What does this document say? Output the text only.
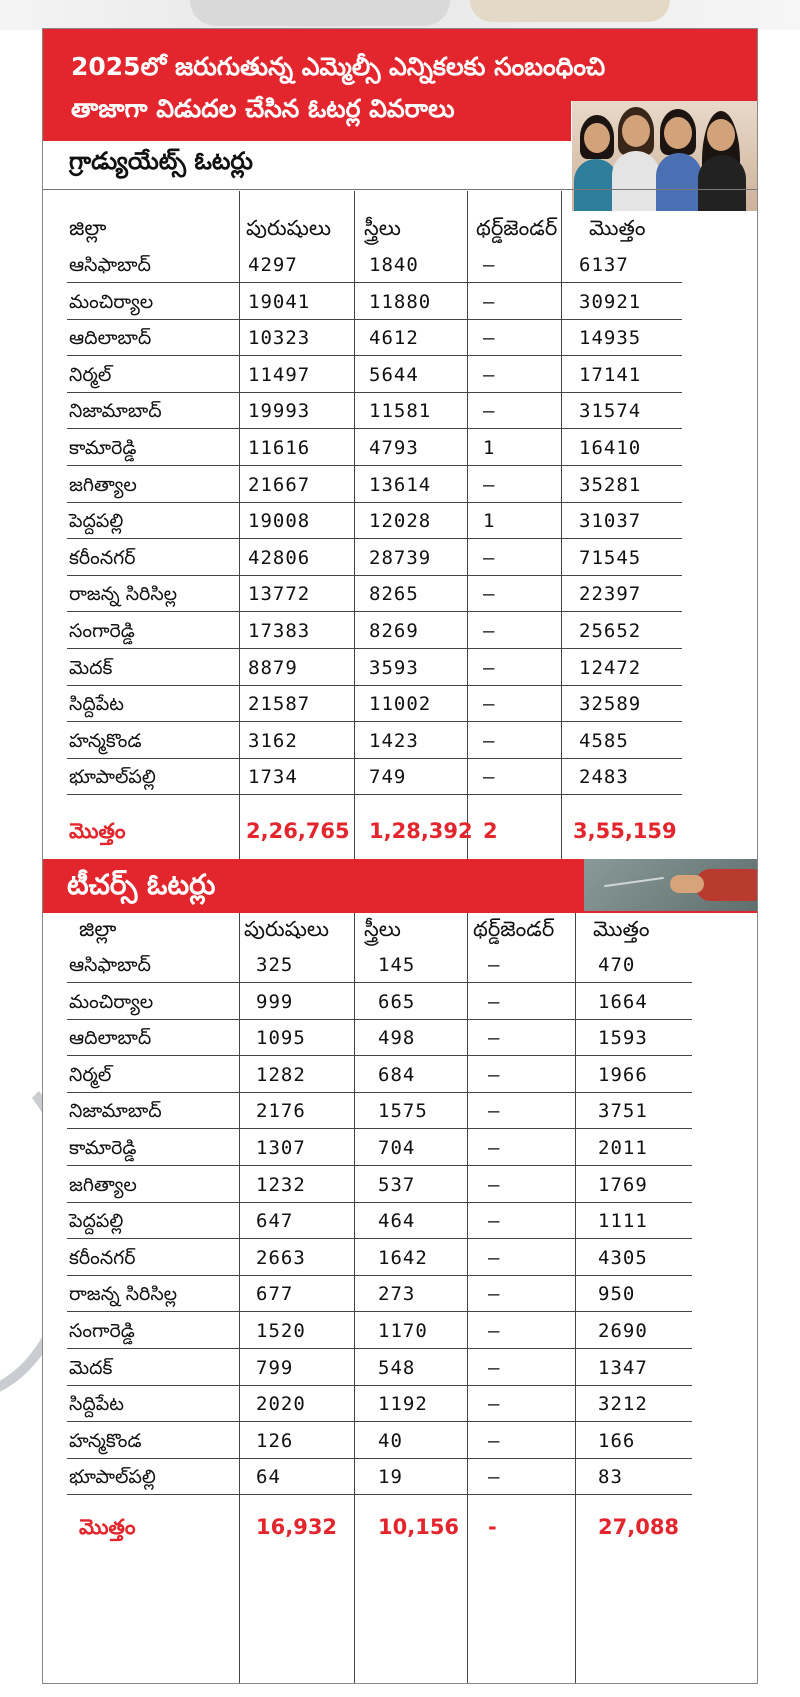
2025లో జరుగుతున్న ఎమ్మెల్సీ ఎన్నికలకు సంబంధించి
తాజాగా విడుదల చేసిన ఓటర్ల వివరాలు
గ్రాడ్యుయేట్స్ ఓటర్లు
జిల్లా	పురుషులు స్త్రీలు	థర్డ్‌జెండర్ మొత్తం
ఆసిఫాబాద్	4297	1840	–	6137
మంచిర్యాల	19041	11880	–	30921
ఆదిలాబాద్	10323	4612	–	14935
నిర్మల్	11497	5644	–	17141
నిజామాబాద్	19993	11581	–	31574
కామారెడ్డి	11616	4793	1	16410
జగిత్యాల	21667	13614	–	35281
పెద్దపల్లి	19008	12028	1	31037
కరీంనగర్	42806	28739	–	71545
రాజన్న సిరిసిల్ల	13772	8265	–	22397
సంగారెడ్డి	17383	8269	–	25652
మెదక్	8879	3593	–	12472
సిద్దిపేట	21587	11002	–	32589
హన్మకొండ	3162	1423	–	4585
భూపాల్‌పల్లి	1734	749	–	2483
మొత్తం	2,26,765 1,28,392 2	3,55,159
టీచర్స్ ఓటర్లు
జిల్లా	పురుషులు స్త్రీలు	థర్డ్‌జెండర్ మొత్తం
ఆసిఫాబాద్	325	145	–	470
మంచిర్యాల	999	665	–	1664
ఆదిలాబాద్	1095	498	–	1593
నిర్మల్	1282	684	–	1966
నిజామాబాద్	2176	1575	–	3751
కామారెడ్డి	1307	704	–	2011
జగిత్యాల	1232	537	–	1769
పెద్దపల్లి	647	464	–	1111
కరీంనగర్	2663	1642	–	4305
రాజన్న సిరిసిల్ల	677	273	–	950
సంగారెడ్డి	1520	1170	–	2690
మెదక్	799	548	–	1347
సిద్దిపేట	2020	1192	–	3212
హన్మకొండ	126	40	–	166
భూపాల్‌పల్లి	64	19	–	83
మొత్తం	16,932 10,156 -	27,088
